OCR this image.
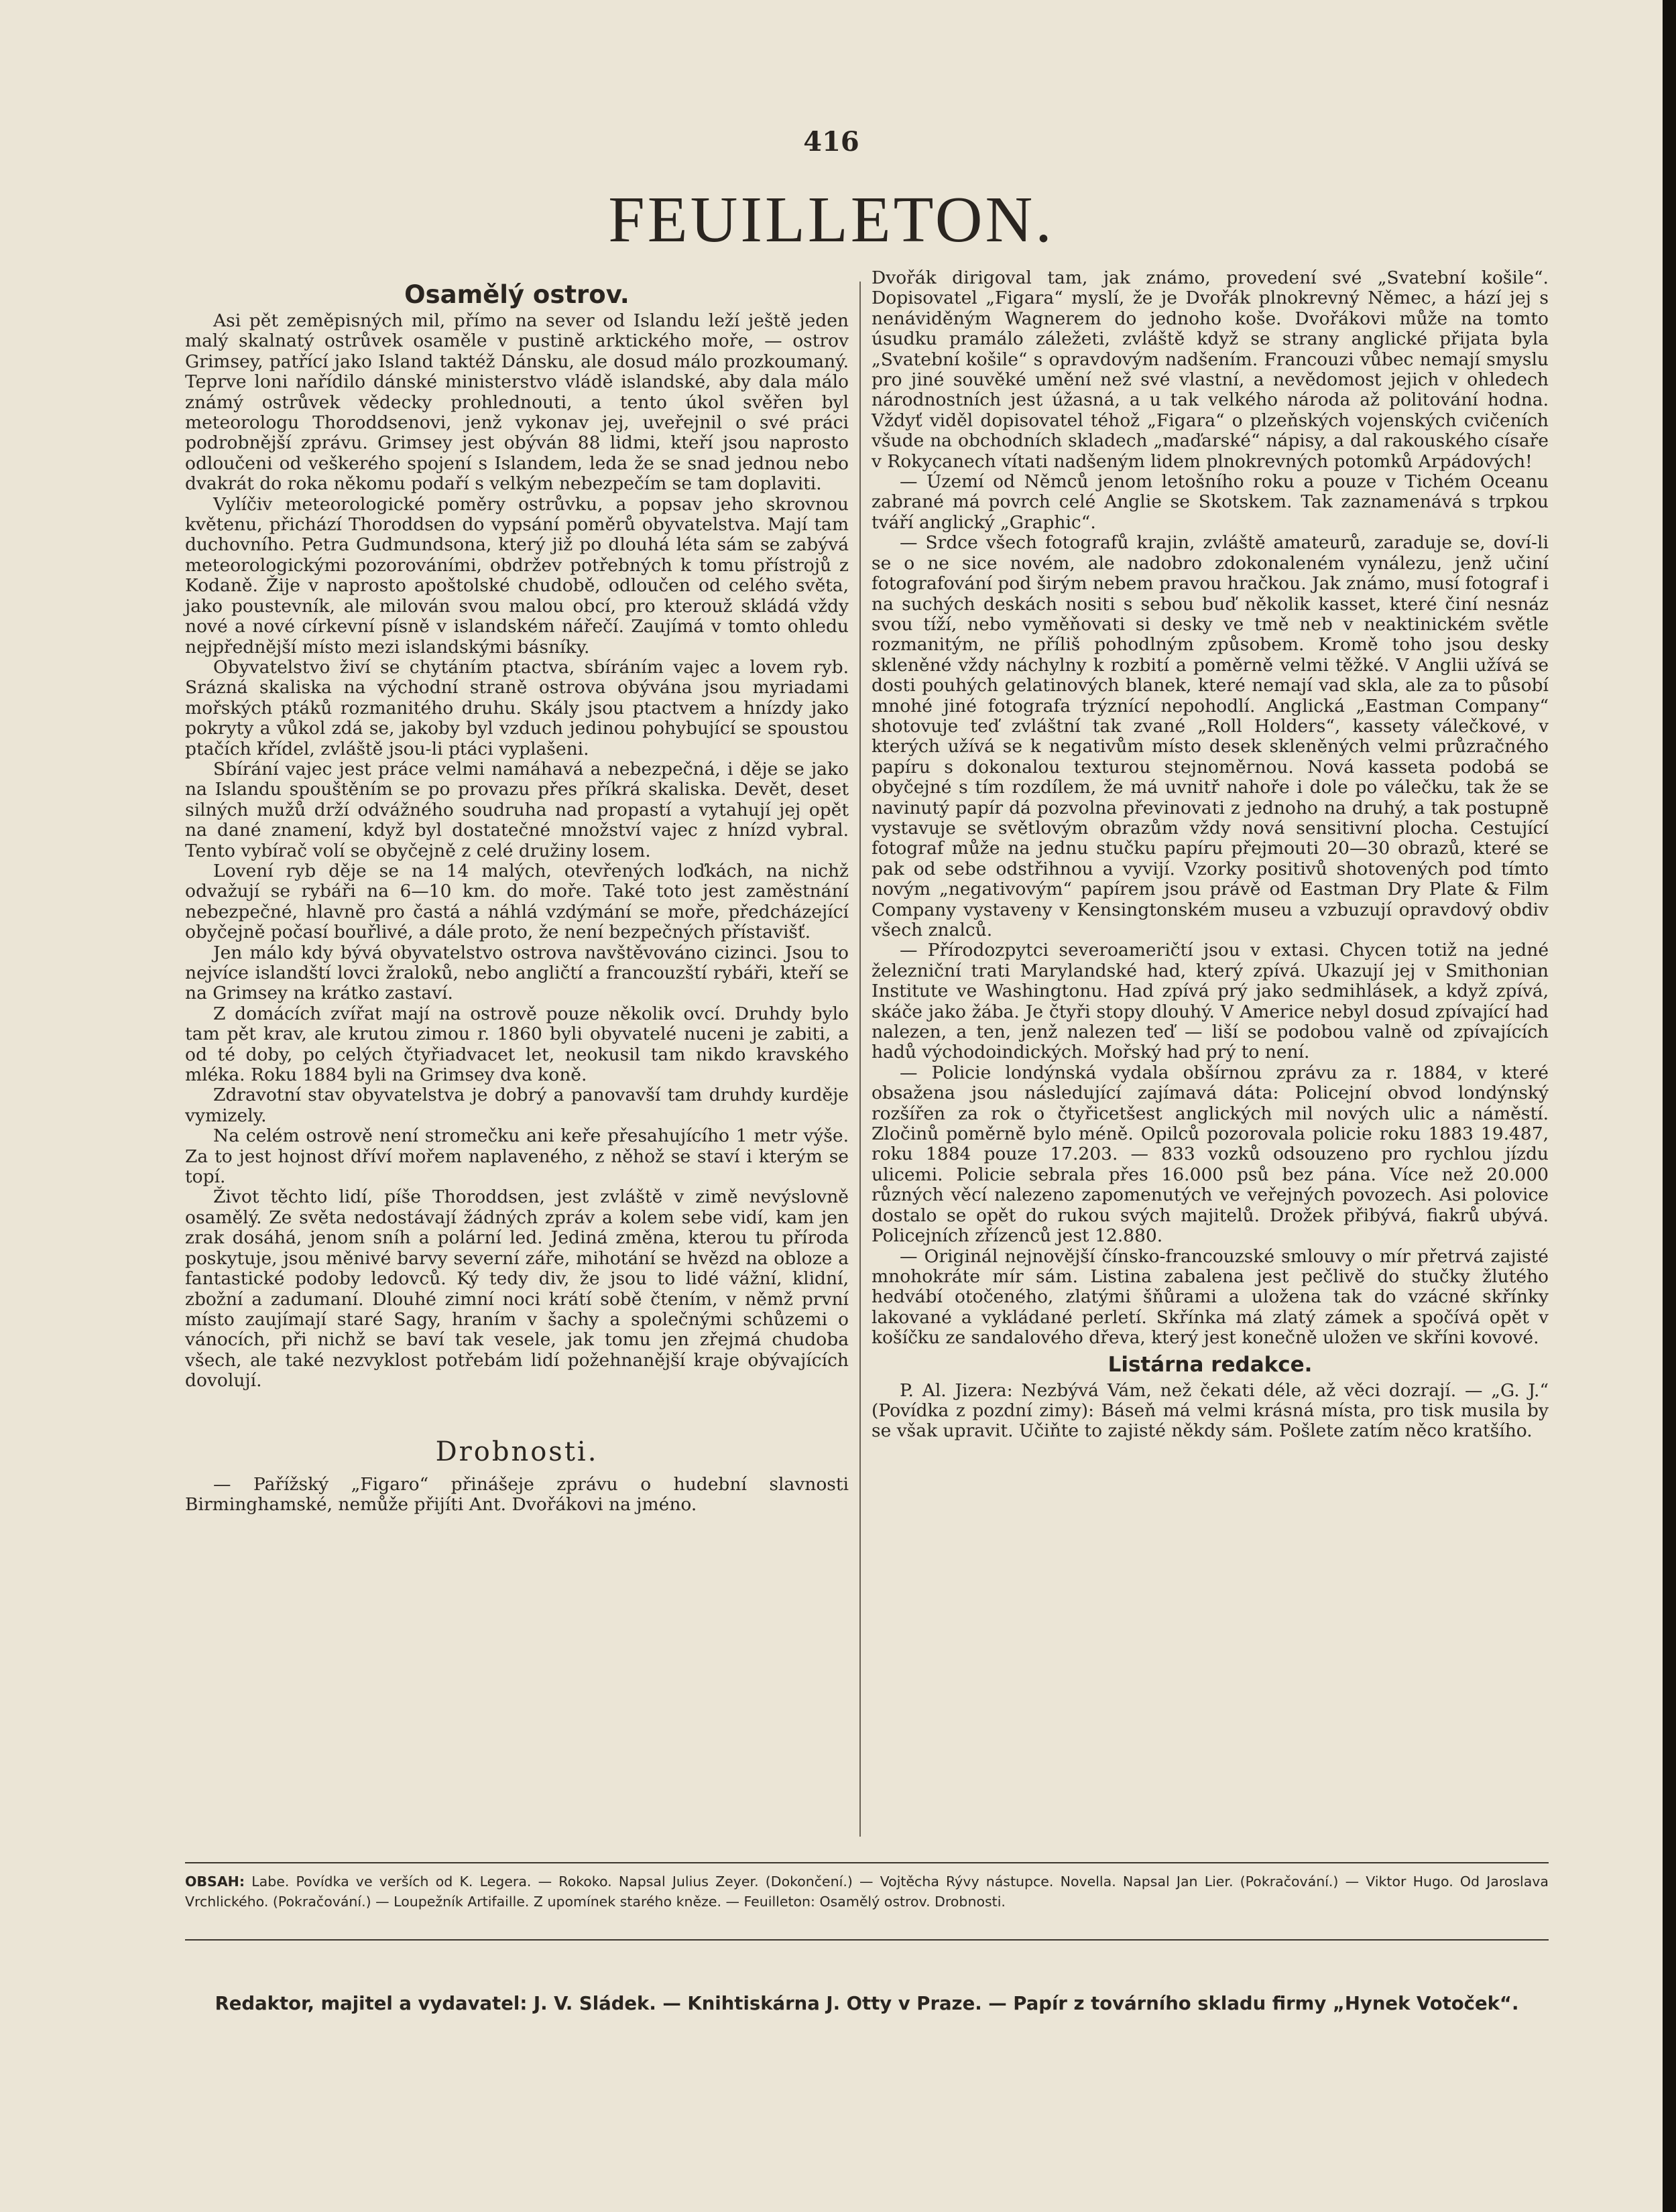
416
FEUILLETON.
Osamělý ostrov.

Asi pět zeměpisných mil, přímo na sever od Islandu leží ještě jeden malý skalnatý ostrůvek osaměle v pustině arktického moře, — ostrov Grimsey, patřící jako Island taktéž Dánsku, ale dosud málo prozkoumaný. Teprve loni nařídilo dánské ministerstvo vládě islandské, aby dala málo známý ostrůvek vědecky prohlednouti, a tento úkol svěřen byl meteorologu Thoroddsenovi, jenž vykonav jej, uveřejnil o své práci podrobnější zprávu. Grimsey jest obýván 88 lidmi, kteří jsou naprosto odloučeni od veškerého spojení s Islandem, leda že se snad jednou nebo dvakrát do roka někomu podaří s velkým nebezpečím se tam doplaviti.

Vylíčiv meteorologické poměry ostrůvku, a popsav jeho skrovnou květenu, přichází Thoroddsen do vypsání poměrů obyvatelstva. Mají tam duchovního. Petra Gudmundsona, který již po dlouhá léta sám se zabývá meteorologickými pozorováními, obdržev potřebných k tomu přístrojů z Kodaně. Žije v naprosto apoštolské chudobě, odloučen od celého světa, jako poustevník, ale milován svou malou obcí, pro kterouž skládá vždy nové a nové církevní písně v islandském nářečí. Zaujímá v tomto ohledu nejpřednější místo mezi islandskými básníky.

Obyvatelstvo živí se chytáním ptactva, sbíráním vajec a lovem ryb. Srázná skaliska na východní straně ostrova obývána jsou myriadami mořských ptáků rozmanitého druhu. Skály jsou ptactvem a hnízdy jako pokryty a vůkol zdá se, jakoby byl vzduch jedinou pohybující se spoustou ptačích křídel, zvláště jsou-li ptáci vyplašeni.

Sbírání vajec jest práce velmi namáhavá a nebezpečná, i děje se jako na Islandu spouštěním se po provazu přes příkrá skaliska. Devět, deset silných mužů drží odvážného soudruha nad propastí a vytahují jej opět na dané znamení, když byl dostatečné množství vajec z hnízd vybral. Tento vybírač volí se obyčejně z celé družiny losem.

Lovení ryb děje se na 14 malých, otevřených loďkách, na nichž odvažují se rybáři na 6—10 km. do moře. Také toto jest zaměstnání nebezpečné, hlavně pro častá a náhlá vzdýmání se moře, předcházející obyčejně počasí bouřlivé, a dále proto, že není bezpečných přístavišť.

Jen málo kdy bývá obyvatelstvo ostrova navštěvováno cizinci. Jsou to nejvíce islandští lovci žraloků, nebo angličtí a francouzští rybáři, kteří se na Grimsey na krátko zastaví.

Z domácích zvířat mají na ostrově pouze několik ovcí. Druhdy bylo tam pět krav, ale krutou zimou r. 1860 byli obyvatelé nuceni je zabiti, a od té doby, po celých čtyřiadvacet let, neokusil tam nikdo kravského mléka. Roku 1884 byli na Grimsey dva koně.

Zdravotní stav obyvatelstva je dobrý a panovavší tam druhdy kurděje vymizely.

Na celém ostrově není stromečku ani keře přesahujícího 1 metr výše. Za to jest hojnost dříví mořem naplaveného, z něhož se staví i kterým se topí.

Život těchto lidí, píše Thoroddsen, jest zvláště v zimě nevýslovně osamělý. Ze světa nedostávají žádných zpráv a kolem sebe vidí, kam jen zrak dosáhá, jenom sníh a polární led. Jediná změna, kterou tu příroda poskytuje, jsou měnivé barvy severní záře, mihotání se hvězd na obloze a fantastické podoby ledovců. Ký tedy div, že jsou to lidé vážní, klidní, zbožní a zadumaní. Dlouhé zimní noci krátí sobě čtením, v němž první místo zaujímají staré Sagy, hraním v šachy a společnými schůzemi o vánocích, při nichž se baví tak vesele, jak tomu jen zřejmá chudoba všech, ale také nezvyklost potřebám lidí požehnanější kraje obývajících dovolují.

Drobnosti.

— Pařížský „Figaro“ přinášeje zprávu o hudební slavnosti Birminghamské, nemůže přijíti Ant. Dvořákovi na jméno.

Dvořák dirigoval tam, jak známo, provedení své „Svatební košile“. Dopisovatel „Figara“ myslí, že je Dvořák plnokrevný Němec, a hází jej s nenáviděným Wagnerem do jednoho koše. Dvořákovi může na tomto úsudku pramálo záležeti, zvláště když se strany anglické přijata byla „Svatební košile“ s opravdovým nadšením. Francouzi vůbec nemají smyslu pro jiné souvěké umění než své vlastní, a nevědomost jejich v ohledech národnostních jest úžasná, a u tak velkého národa až politování hodna. Vždyť viděl dopisovatel téhož „Figara“ o plzeňských vojenských cvičeních všude na obchodních skladech „maďarské“ nápisy, a dal rakouského císaře v Rokycanech vítati nadšeným lidem plnokrevných potomků Arpádových!

— Území od Němců jenom letošního roku a pouze v Tichém Oceanu zabrané má povrch celé Anglie se Skotskem. Tak zaznamenává s trpkou tváří anglický „Graphic“.

— Srdce všech fotografů krajin, zvláště amateurů, zaraduje se, doví-li se o ne sice novém, ale nadobro zdokonaleném vynálezu, jenž učiní fotografování pod širým nebem pravou hračkou. Jak známo, musí fotograf i na suchých deskách nositi s sebou buď několik kasset, které činí nesnáz svou tíží, nebo vyměňovati si desky ve tmě neb v neaktinickém světle rozmanitým, ne příliš pohodlným způsobem. Kromě toho jsou desky skleněné vždy náchylny k rozbití a poměrně velmi těžké. V Anglii užívá se dosti pouhých gelatinových blanek, které nemají vad skla, ale za to působí mnohé jiné fotografa trýznící nepohodlí. Anglická „Eastman Company“ shotovuje teď zvláštní tak zvané „Roll Holders“, kassety válečkové, v kterých užívá se k negativům místo desek skleněných velmi průzračného papíru s dokonalou texturou stejnoměrnou. Nová kasseta podobá se obyčejné s tím rozdílem, že má uvnitř nahoře i dole po válečku, tak že se navinutý papír dá pozvolna převinovati z jednoho na druhý, a tak postupně vystavuje se světlovým obrazům vždy nová sensitivní plocha. Cestující fotograf může na jednu stučku papíru přejmouti 20—30 obrazů, které se pak od sebe odstřihnou a vyvijí. Vzorky positivů shotovených pod tímto novým „negativovým“ papírem jsou právě od Eastman Dry Plate & Film Company vystaveny v Kensingtonském museu a vzbuzují opravdový obdiv všech znalců.

— Přírodozpytci severoameričtí jsou v extasi. Chycen totiž na jedné železniční trati Marylandské had, který zpívá. Ukazují jej v Smithonian Institute ve Washingtonu. Had zpívá prý jako sedmihlásek, a když zpívá, skáče jako žába. Je čtyři stopy dlouhý. V Americe nebyl dosud zpívající had nalezen, a ten, jenž nalezen teď — liší se podobou valně od zpívajících hadů východoindických. Mořský had prý to není.

— Policie londýnská vydala obšírnou zprávu za r. 1884, v které obsažena jsou následující zajímavá dáta: Policejní obvod londýnský rozšířen za rok o čtyřicetšest anglických mil nových ulic a náměstí. Zločinů poměrně bylo méně. Opilců pozorovala policie roku 1883 19.487, roku 1884 pouze 17.203. — 833 vozků odsouzeno pro rychlou jízdu ulicemi. Policie sebrala přes 16.000 psů bez pána. Více než 20.000 různých věcí nalezeno zapomenutých ve veřejných povozech. Asi polovice dostalo se opět do rukou svých majitelů. Drožek přibývá, fiakrů ubývá. Policejních zřízenců jest 12.880.

— Originál nejnovější čínsko-francouzské smlouvy o mír přetrvá zajisté mnohokráte mír sám. Listina zabalena jest pečlivě do stučky žlutého hedvábí otočeného, zlatými šňůrami a uložena tak do vzácné skřínky lakované a vykládané perletí. Skřínka má zlatý zámek a spočívá opět v košíčku ze sandalového dřeva, který jest konečně uložen ve skříni kovové.

Listárna redakce.

P. Al. Jizera: Nezbývá Vám, než čekati déle, až věci dozrají. — „G. J.“ (Povídka z pozdní zimy): Báseň má velmi krásná místa, pro tisk musila by se však upravit. Učiňte to zajisté někdy sám. Pošlete zatím něco kratšího.

OBSAH: Labe. Povídka ve verších od K. Legera. — Rokoko. Napsal Julius Zeyer. (Dokončení.) — Vojtěcha Rývy nástupce. Novella. Napsal Jan Lier. (Pokračování.) — Viktor Hugo. Od Jaroslava Vrchlického. (Pokračování.) — Loupežník Artifaille. Z upomínek starého kněze. — Feuilleton: Osamělý ostrov. Drobnosti.
Redaktor, majitel a vydavatel: J. V. Sládek. — Knihtiskárna J. Otty v Praze. — Papír z továrního skladu firmy „Hynek Votoček“.
